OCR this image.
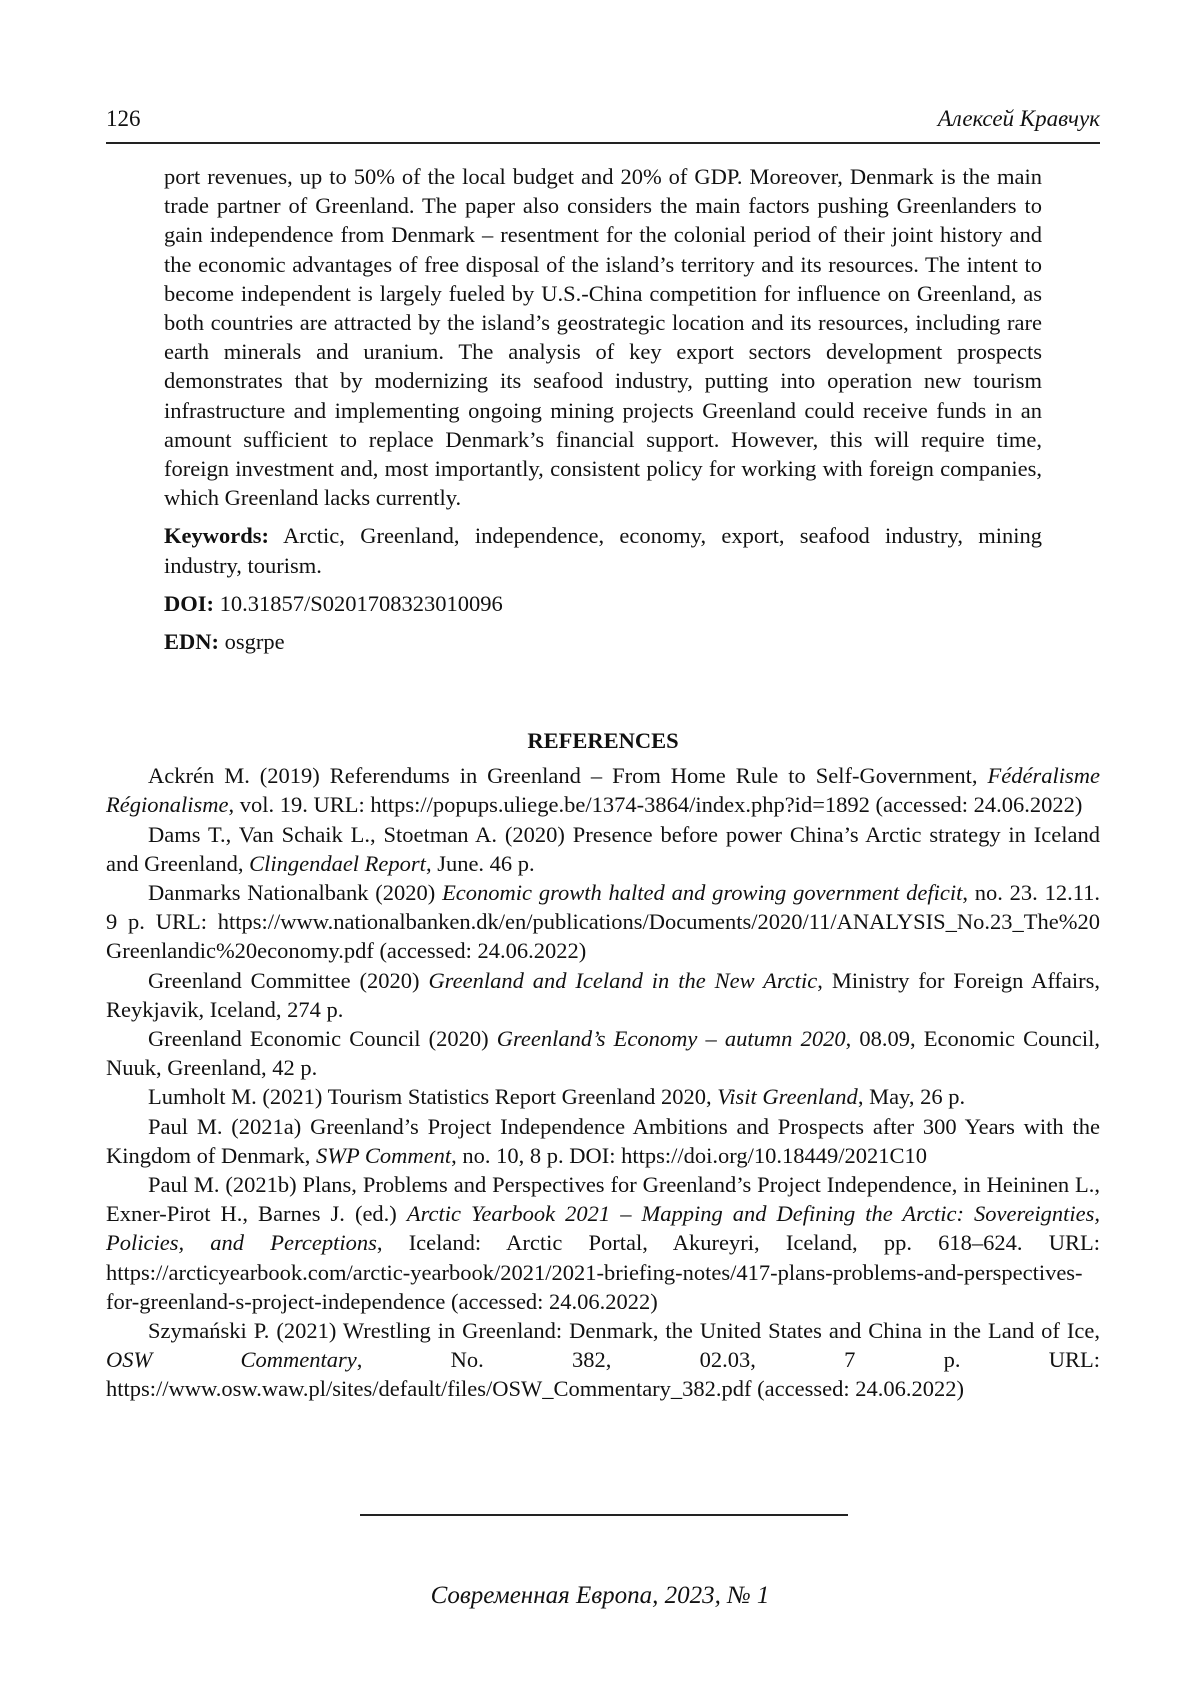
126	Алексей Кравчук

port revenues, up to 50% of the local budget and 20% of GDP. Moreover, Denmark is the main trade partner of Greenland. The paper also considers the main factors pushing Greenlanders to gain independence from Denmark – resentment for the colonial period of their joint history and the economic advantages of free disposal of the island’s territory and its resources. The intent to become independent is largely fueled by U.S.-China competition for influence on Greenland, as both countries are attracted by the island’s geostrategic location and its resources, including rare earth minerals and uranium. The analysis of key export sectors development prospects demonstrates that by modernizing its seafood industry, putting into operation new tourism infrastructure and implementing ongoing mining projects Greenland could receive funds in an amount sufficient to replace Denmark’s financial support. However, this will require time, foreign investment and, most importantly, consistent policy for working with foreign companies, which Greenland lacks currently.

Keywords: Arctic, Greenland, independence, economy, export, seafood industry, mining industry, tourism.

DOI: 10.31857/S0201708323010096

EDN: osgrpe

REFERENCES

Ackrén M. (2019) Referendums in Greenland – From Home Rule to Self-Government, Fédéralisme Régionalisme, vol. 19. URL: https://popups.uliege.be/1374-3864/index.php?id=1892 (accessed: 24.06.2022)

Dams T., Van Schaik L., Stoetman A. (2020) Presence before power China’s Arctic strategy in Iceland and Greenland, Clingendael Report, June. 46 p.

Danmarks Nationalbank (2020) Economic growth halted and growing government deficit, no. 23. 12.11. 9 p. URL: https://www.nationalbanken.dk/en/publications/Documents/2020/11/ANALYSIS_No.23_The%20 Greenlandic%20economy.pdf (accessed: 24.06.2022)

Greenland Committee (2020) Greenland and Iceland in the New Arctic, Ministry for Foreign Affairs, Reykjavik, Iceland, 274 p.

Greenland Economic Council (2020) Greenland’s Economy – autumn 2020, 08.09, Economic Council, Nuuk, Greenland, 42 p.

Lumholt M. (2021) Tourism Statistics Report Greenland 2020, Visit Greenland, May, 26 p.

Paul M. (2021a) Greenland’s Project Independence Ambitions and Prospects after 300 Years with the Kingdom of Denmark, SWP Comment, no. 10, 8 p. DOI: https://doi.org/10.18449/2021C10

Paul M. (2021b) Plans, Problems and Perspectives for Greenland’s Project Independence, in Heininen L., Exner-Pirot H., Barnes J. (ed.) Arctic Yearbook 2021 – Mapping and Defining the Arctic: Sovereignties, Policies, and Perceptions, Iceland: Arctic Portal, Akureyri, Iceland, pp. 618–624. URL: https://arcticyearbook.com/arctic-yearbook/2021/2021-briefing-notes/417-plans-problems-and-perspectives-for-greenland-s-project-independence (accessed: 24.06.2022)

Szymański P. (2021) Wrestling in Greenland: Denmark, the United States and China in the Land of Ice, OSW Commentary, No. 382, 02.03, 7 p. URL: https://www.osw.waw.pl/sites/default/files/OSW_Commentary_382.pdf (accessed: 24.06.2022)

Современная Европа, 2023, № 1
